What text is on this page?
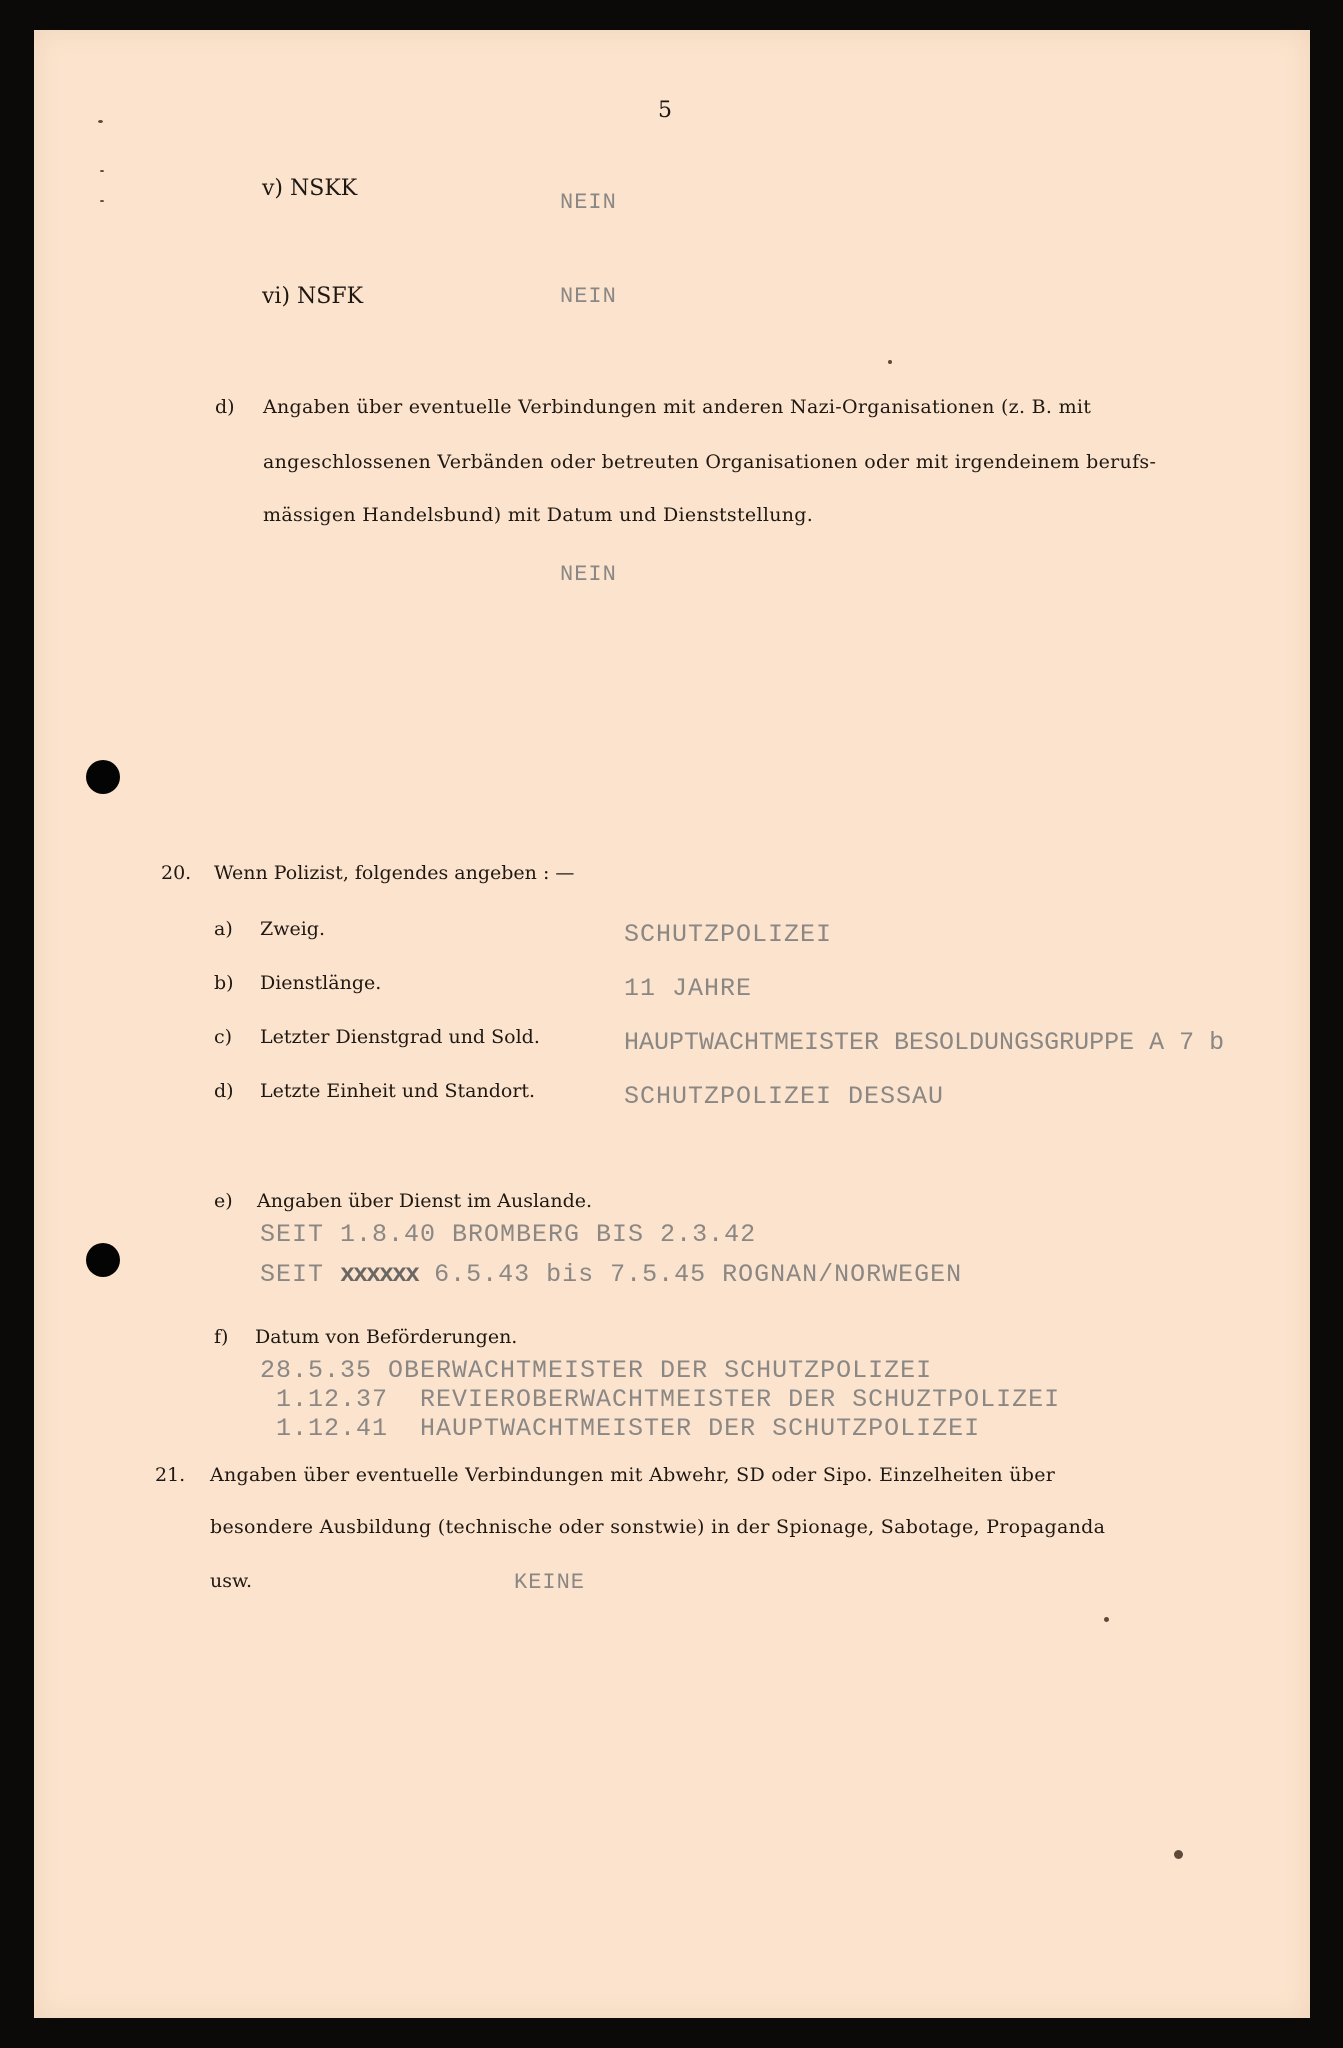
5
v) NSKK
NEIN
vi) NSFK	NEIN
d) Angaben über eventuelle Verbindungen mit anderen Nazi-Organisationen (z. B. mit
angeschlossenen Verbänden oder betreuten Organisationen oder mit irgendeinem berufs-
mässigen Handelsbund) mit Datum und Dienststellung.
NEIN
20. Wenn Polizist, folgendes angeben : —
a) Zweig.	SCHUTZPOLIZEI
b) Dienstlänge.	11 JAHRE
c) Letzter Dienstgrad und Sold.	HAUPTWACHTMEISTER BESOLDUNGSGRUPPE A 7 b
d) Letzte Einheit und Standort.	SCHUTZPOLIZEI DESSAU
e) Angaben über Dienst im Auslande.
SEIT 1.8.40 BROMBERG BIS 2.3.42
SEIT xxxxxx 6.5.43 bis 7.5.45 ROGNAN/NORWEGEN
f) Datum von Beförderungen.
28.5.35 OBERWACHTMEISTER DER SCHUTZPOLIZEI
1.12.37  REVIEROBERWACHTMEISTER DER SCHUZTPOLIZEI
1.12.41  HAUPTWACHTMEISTER DER SCHUTZPOLIZEI
21. Angaben über eventuelle Verbindungen mit Abwehr, SD oder Sipo. Einzelheiten über
besondere Ausbildung (technische oder sonstwie) in der Spionage, Sabotage, Propaganda
usw.	KEINE
